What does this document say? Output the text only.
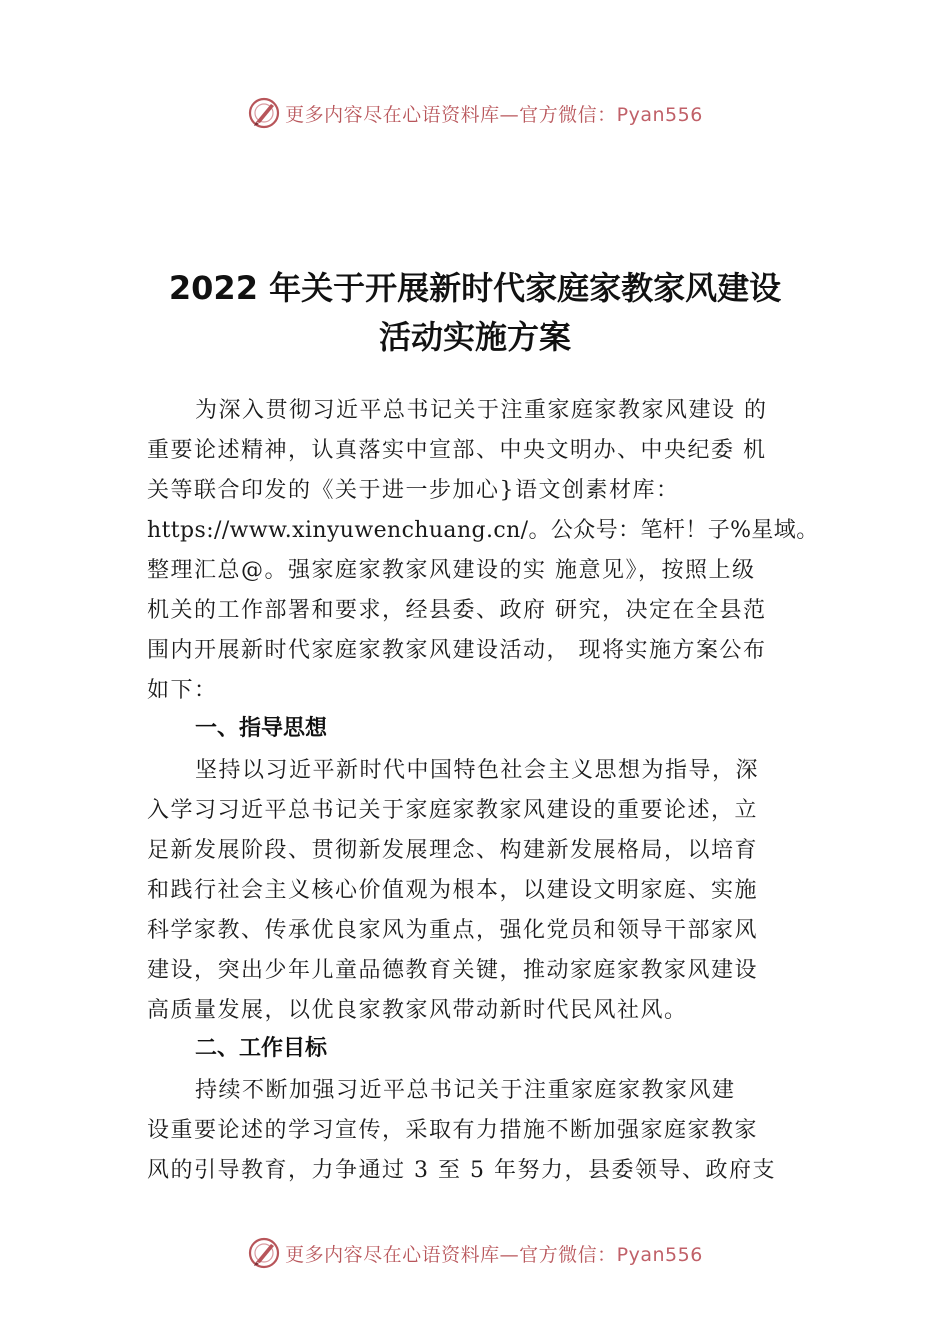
更多内容尽在心语资料库—官方微信：Pyan556
2022 年关于开展新时代家庭家教家风建设
活动实施方案
为深入贯彻习近平总书记关于注重家庭家教家风建设 的
重要论述精神，认真落实中宣部、中央文明办、中央纪委 机
关等联合印发的《关于进一步加心}语文创素材库：
https://www.xinyuwenchuang.cn/。公众号：笔杆！子%星域。
整理汇总@。强家庭家教家风建设的实 施意见》，按照上级
机关的工作部署和要求，经县委、政府 研究，决定在全县范
围内开展新时代家庭家教家风建设活动， 现将实施方案公布
如下：
一、指导思想
坚持以习近平新时代中国特色社会主义思想为指导，深
入学习习近平总书记关于家庭家教家风建设的重要论述，立
足新发展阶段、贯彻新发展理念、构建新发展格局，以培育
和践行社会主义核心价值观为根本，以建设文明家庭、实施
科学家教、传承优良家风为重点，强化党员和领导干部家风
建设，突出少年儿童品德教育关键，推动家庭家教家风建设
高质量发展，以优良家教家风带动新时代民风社风。
二、工作目标
持续不断加强习近平总书记关于注重家庭家教家风建
设重要论述的学习宣传，采取有力措施不断加强家庭家教家
风的引导教育，力争通过 3 至 5 年努力，县委领导、政府支
更多内容尽在心语资料库—官方微信：Pyan556
